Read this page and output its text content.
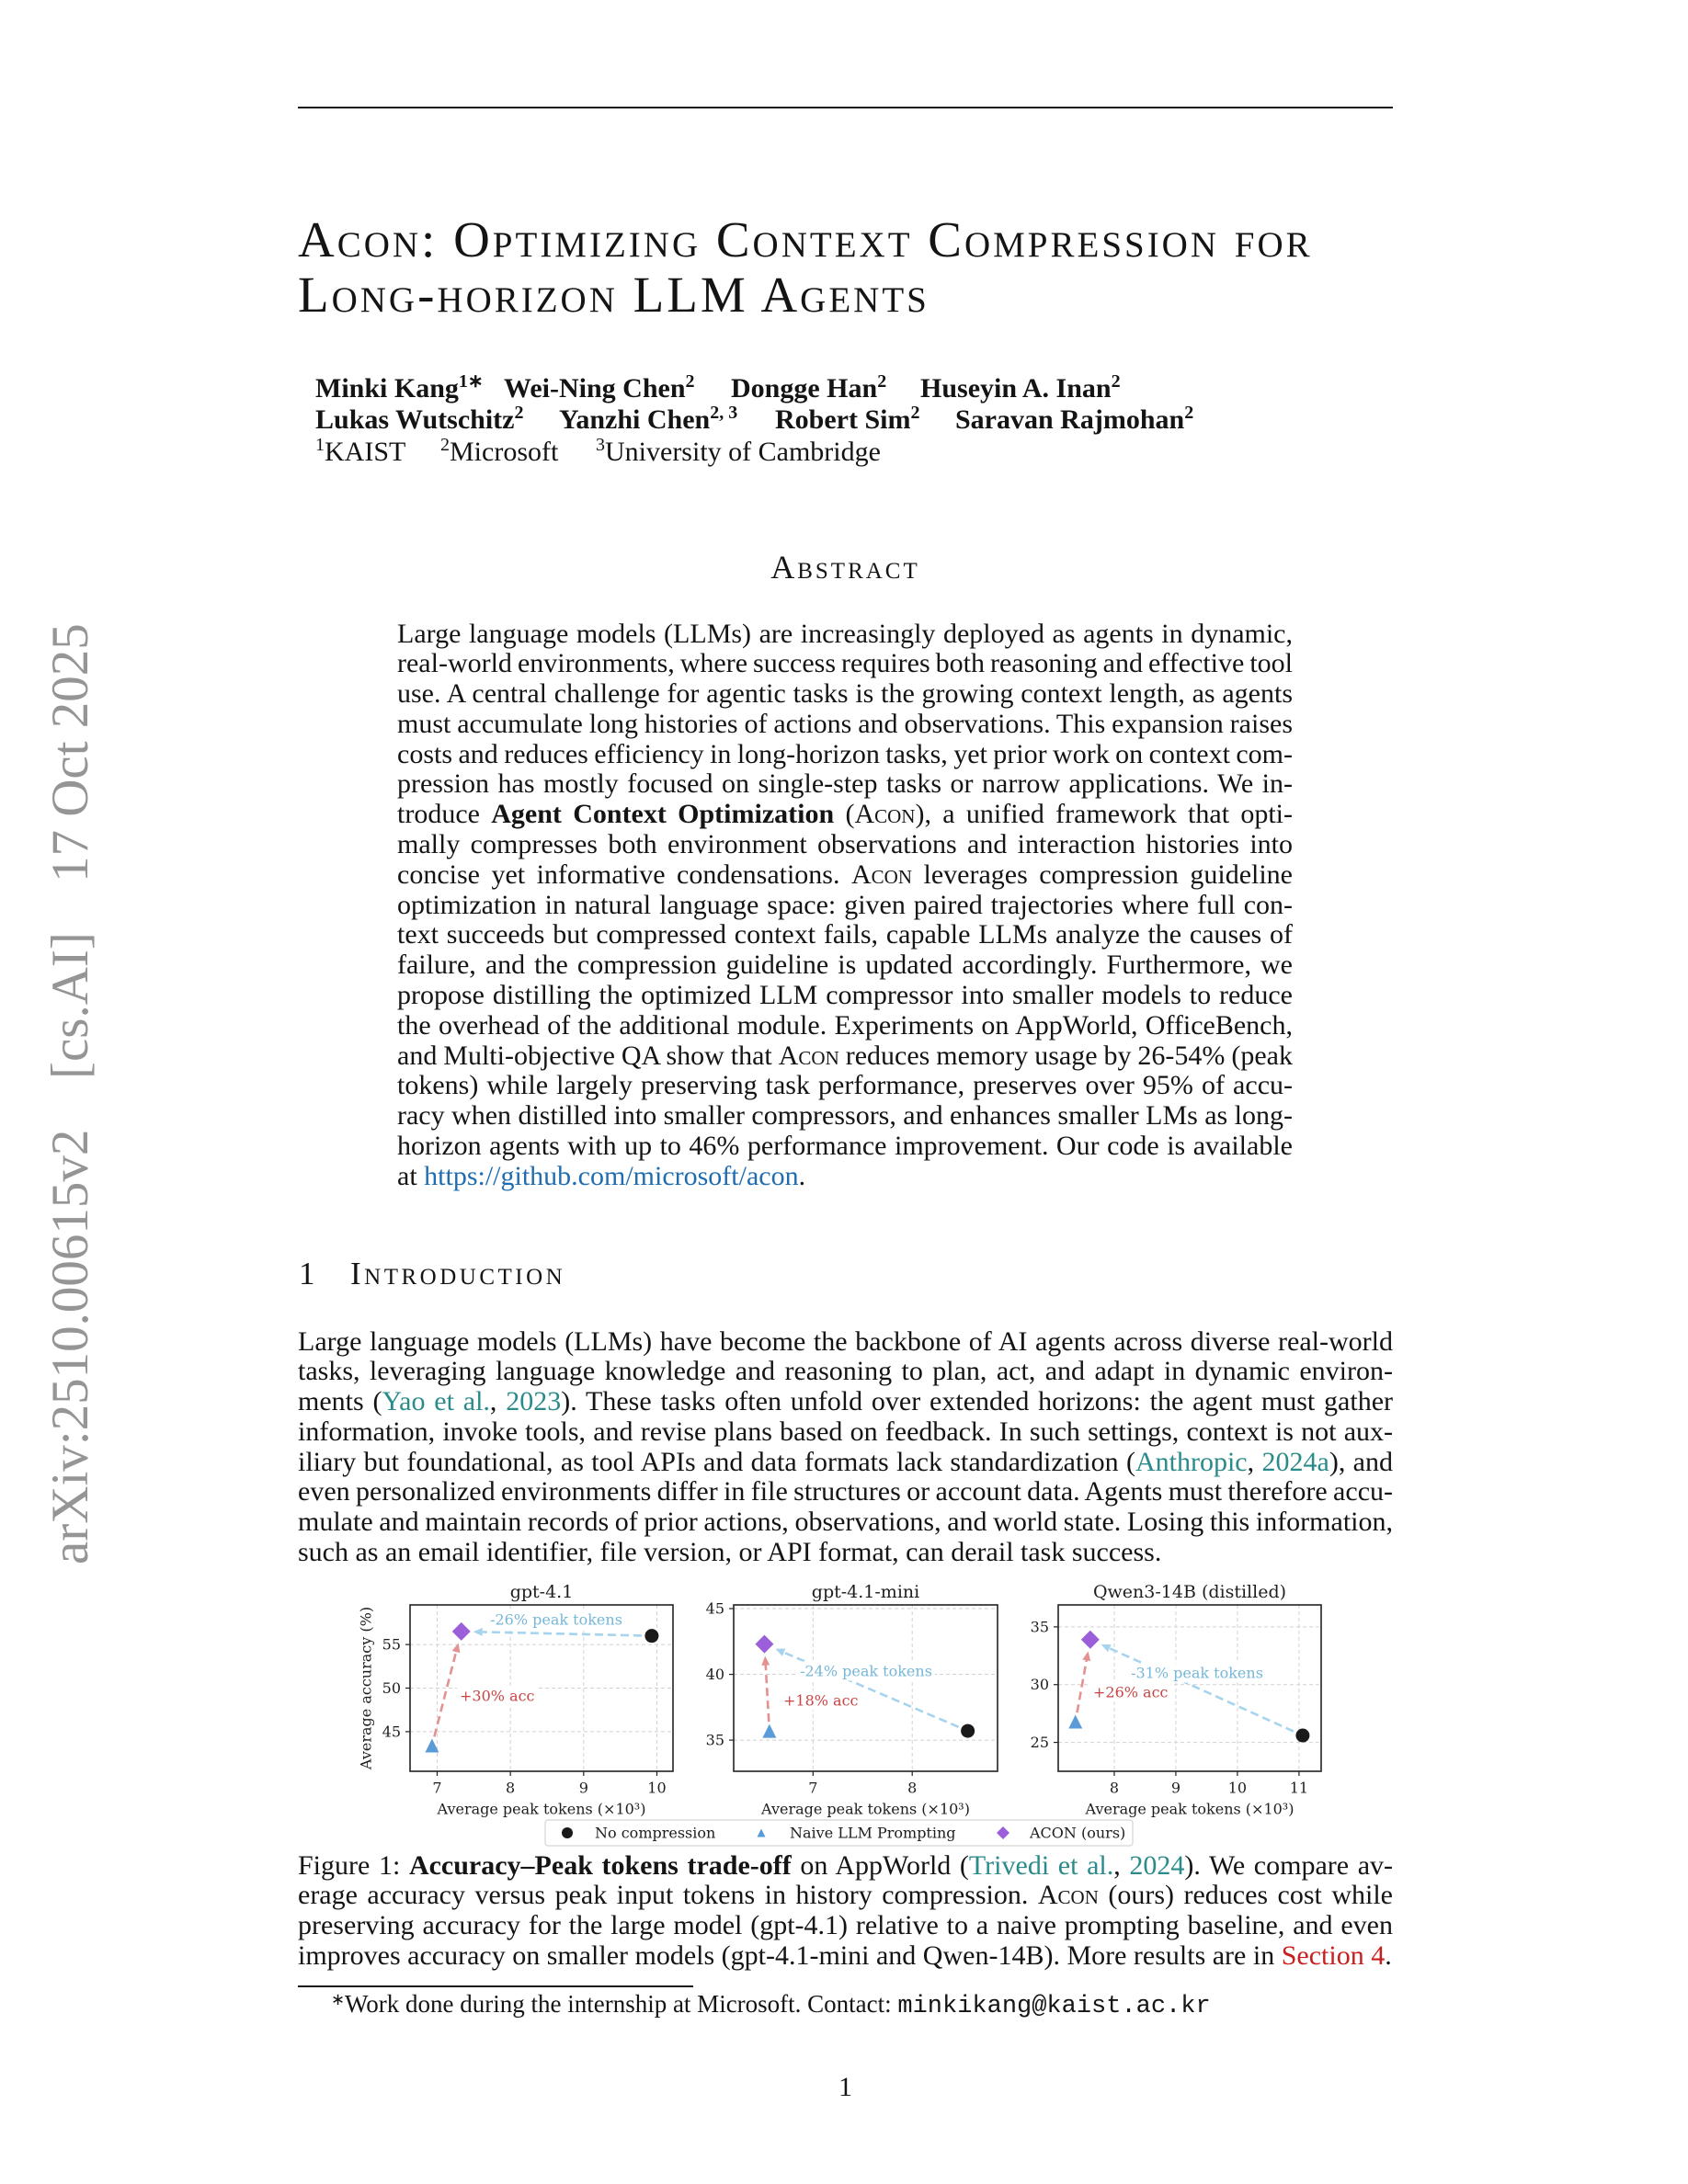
arXiv:2510.00615v2
[cs.AI]
17 Oct 2025
Acon: Optimizing Context Compression for
Long-horizon LLM Agents
Minki Kang$^{1∗}$ Wei-Ning Chen$^2$ Dongge Han$^2$ Huseyin A. Inan$^2$
Lukas Wutschitz$^2$ Yanzhi Chen$^{2, 3}$ Robert Sim$^2$ Saravan Rajmohan$^2$
$^1$KAIST $^2$Microsoft $^3$University of Cambridge
Abstract
Large language models (LLMs) are increasingly deployed as agents in dynamic,
real-world environments, where success requires both reasoning and effective tool
use. A central challenge for agentic tasks is the growing context length, as agents
must accumulate long histories of actions and observations. This expansion raises
costs and reduces efficiency in long-horizon tasks, yet prior work on context com-
pression has mostly focused on single-step tasks or narrow applications. We in-
troduce Agent Context Optimization (Acon), a unified framework that opti-
mally compresses both environment observations and interaction histories into
concise yet informative condensations. Acon leverages compression guideline
optimization in natural language space: given paired trajectories where full con-
text succeeds but compressed context fails, capable LLMs analyze the causes of
failure, and the compression guideline is updated accordingly. Furthermore, we
propose distilling the optimized LLM compressor into smaller models to reduce
the overhead of the additional module. Experiments on AppWorld, OfficeBench,
and Multi-objective QA show that Acon reduces memory usage by 26-54% (peak
tokens) while largely preserving task performance, preserves over 95% of accu-
racy when distilled into smaller compressors, and enhances smaller LMs as long-
horizon agents with up to 46% performance improvement. Our code is available
at https://github.com/microsoft/acon.
1 Introduction
Large language models (LLMs) have become the backbone of AI agents across diverse real-world
tasks, leveraging language knowledge and reasoning to plan, act, and adapt in dynamic environ-
ments (Yao et al., 2023). These tasks often unfold over extended horizons: the agent must gather
information, invoke tools, and revise plans based on feedback. In such settings, context is not aux-
iliary but foundational, as tool APIs and data formats lack standardization (Anthropic, 2024a), and
even personalized environments differ in file structures or account data. Agents must therefore accu-
mulate and maintain records of prior actions, observations, and world state. Losing this information,
such as an email identifier, file version, or API format, can derail task success.
7	8	9	10
45
50
55
gpt-4.1
Average peak tokens (×10³)
Average accuracy (%)	-26% peak tokens
+30% acc
7	8
35
40
45
gpt-4.1-mini
Average peak tokens (×10³)
-24% peak tokens
+18% acc
8	9	10	11
25
30
35
Qwen3-14B (distilled)
Average peak tokens (×10³)
-31% peak tokens
+26% acc
No compression	Naive LLM Prompting	ACON (ours)
Figure 1: Accuracy–Peak tokens trade-off on AppWorld (Trivedi et al., 2024). We compare av-
erage accuracy versus peak input tokens in history compression. Acon (ours) reduces cost while
preserving accuracy for the large model (gpt-4.1) relative to a naive prompting baseline, and even
improves accuracy on smaller models (gpt-4.1-mini and Qwen-14B). More results are in Section 4.
∗Work done during the internship at Microsoft. Contact: minkikang@kaist.ac.kr
1
